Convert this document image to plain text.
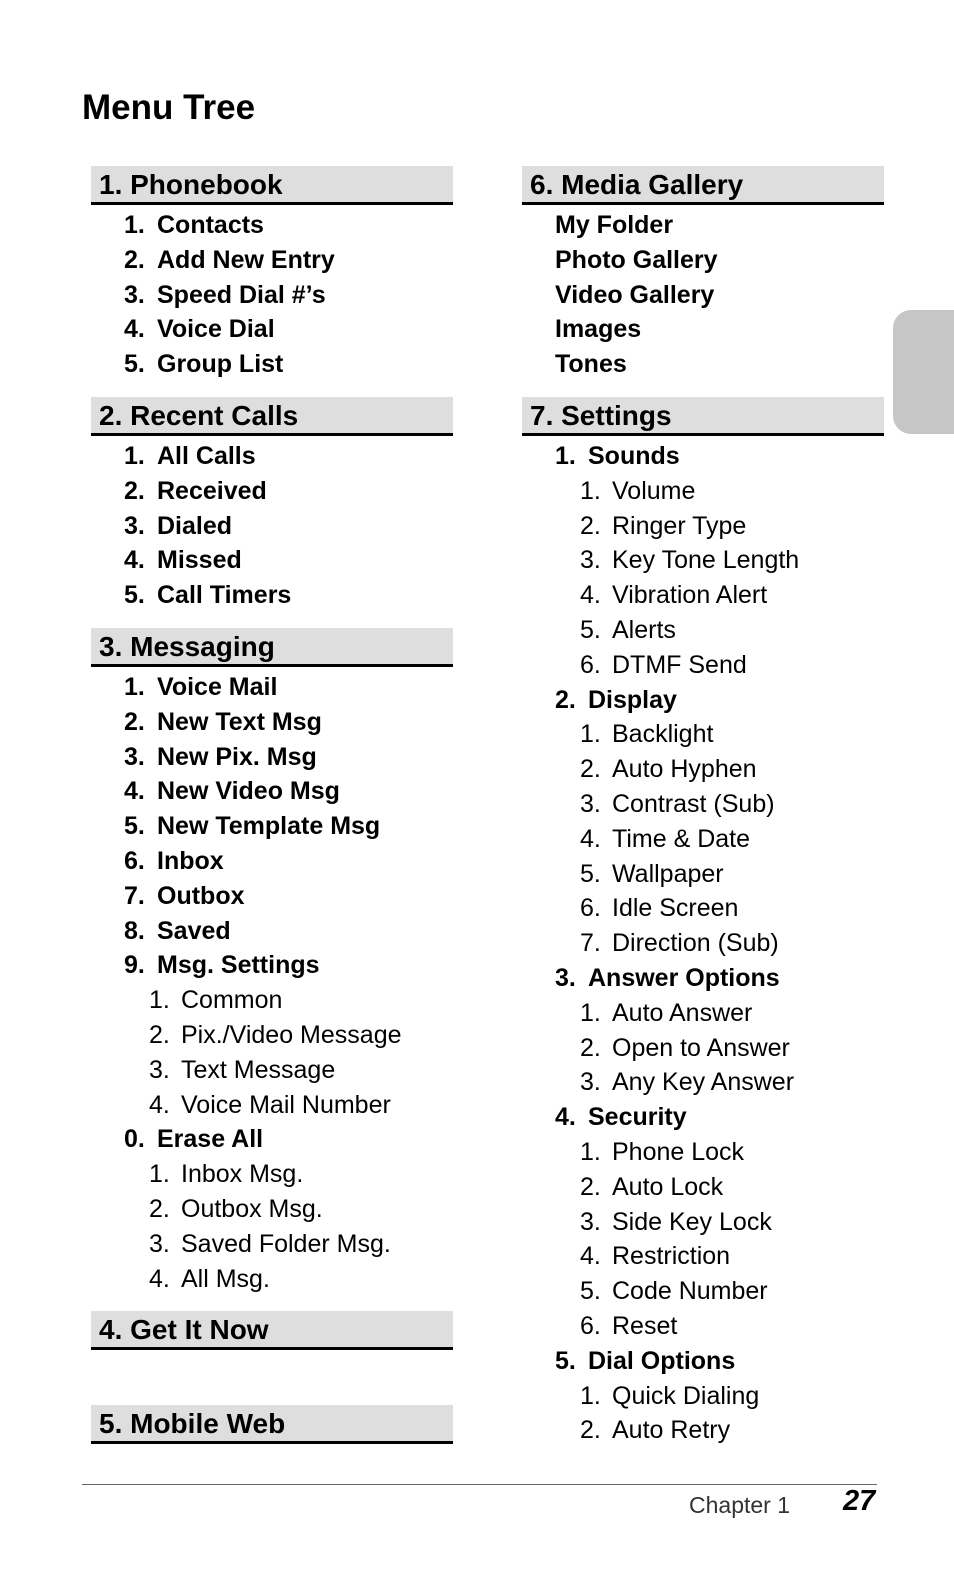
Menu Tree
1. Phonebook
1. Contacts
2. Add New Entry
3. Speed Dial #’s
4. Voice Dial
5. Group List
2. Recent Calls
1. All Calls
2. Received
3. Dialed
4. Missed
5. Call Timers
3. Messaging
1. Voice Mail
2. New Text Msg
3. New Pix. Msg
4. New Video Msg
5. New Template Msg
6. Inbox
7. Outbox
8. Saved
9. Msg. Settings
1. Common
2. Pix./Video Message
3. Text Message
4. Voice Mail Number
0. Erase All
1. Inbox Msg.
2. Outbox Msg.
3. Saved Folder Msg.
4. All Msg.
4. Get It Now
5. Mobile Web
6. Media Gallery
My Folder
Photo Gallery
Video Gallery
Images
Tones
7. Settings
1. Sounds
1. Volume
2. Ringer Type
3. Key Tone Length
4. Vibration Alert
5. Alerts
6. DTMF Send
2. Display
1. Backlight
2. Auto Hyphen
3. Contrast (Sub)
4. Time & Date
5. Wallpaper
6. Idle Screen
7. Direction (Sub)
3. Answer Options
1. Auto Answer
2. Open to Answer
3. Any Key Answer
4. Security
1. Phone Lock
2. Auto Lock
3. Side Key Lock
4. Restriction
5. Code Number
6. Reset
5. Dial Options
1. Quick Dialing
2. Auto Retry
Chapter 1 27
